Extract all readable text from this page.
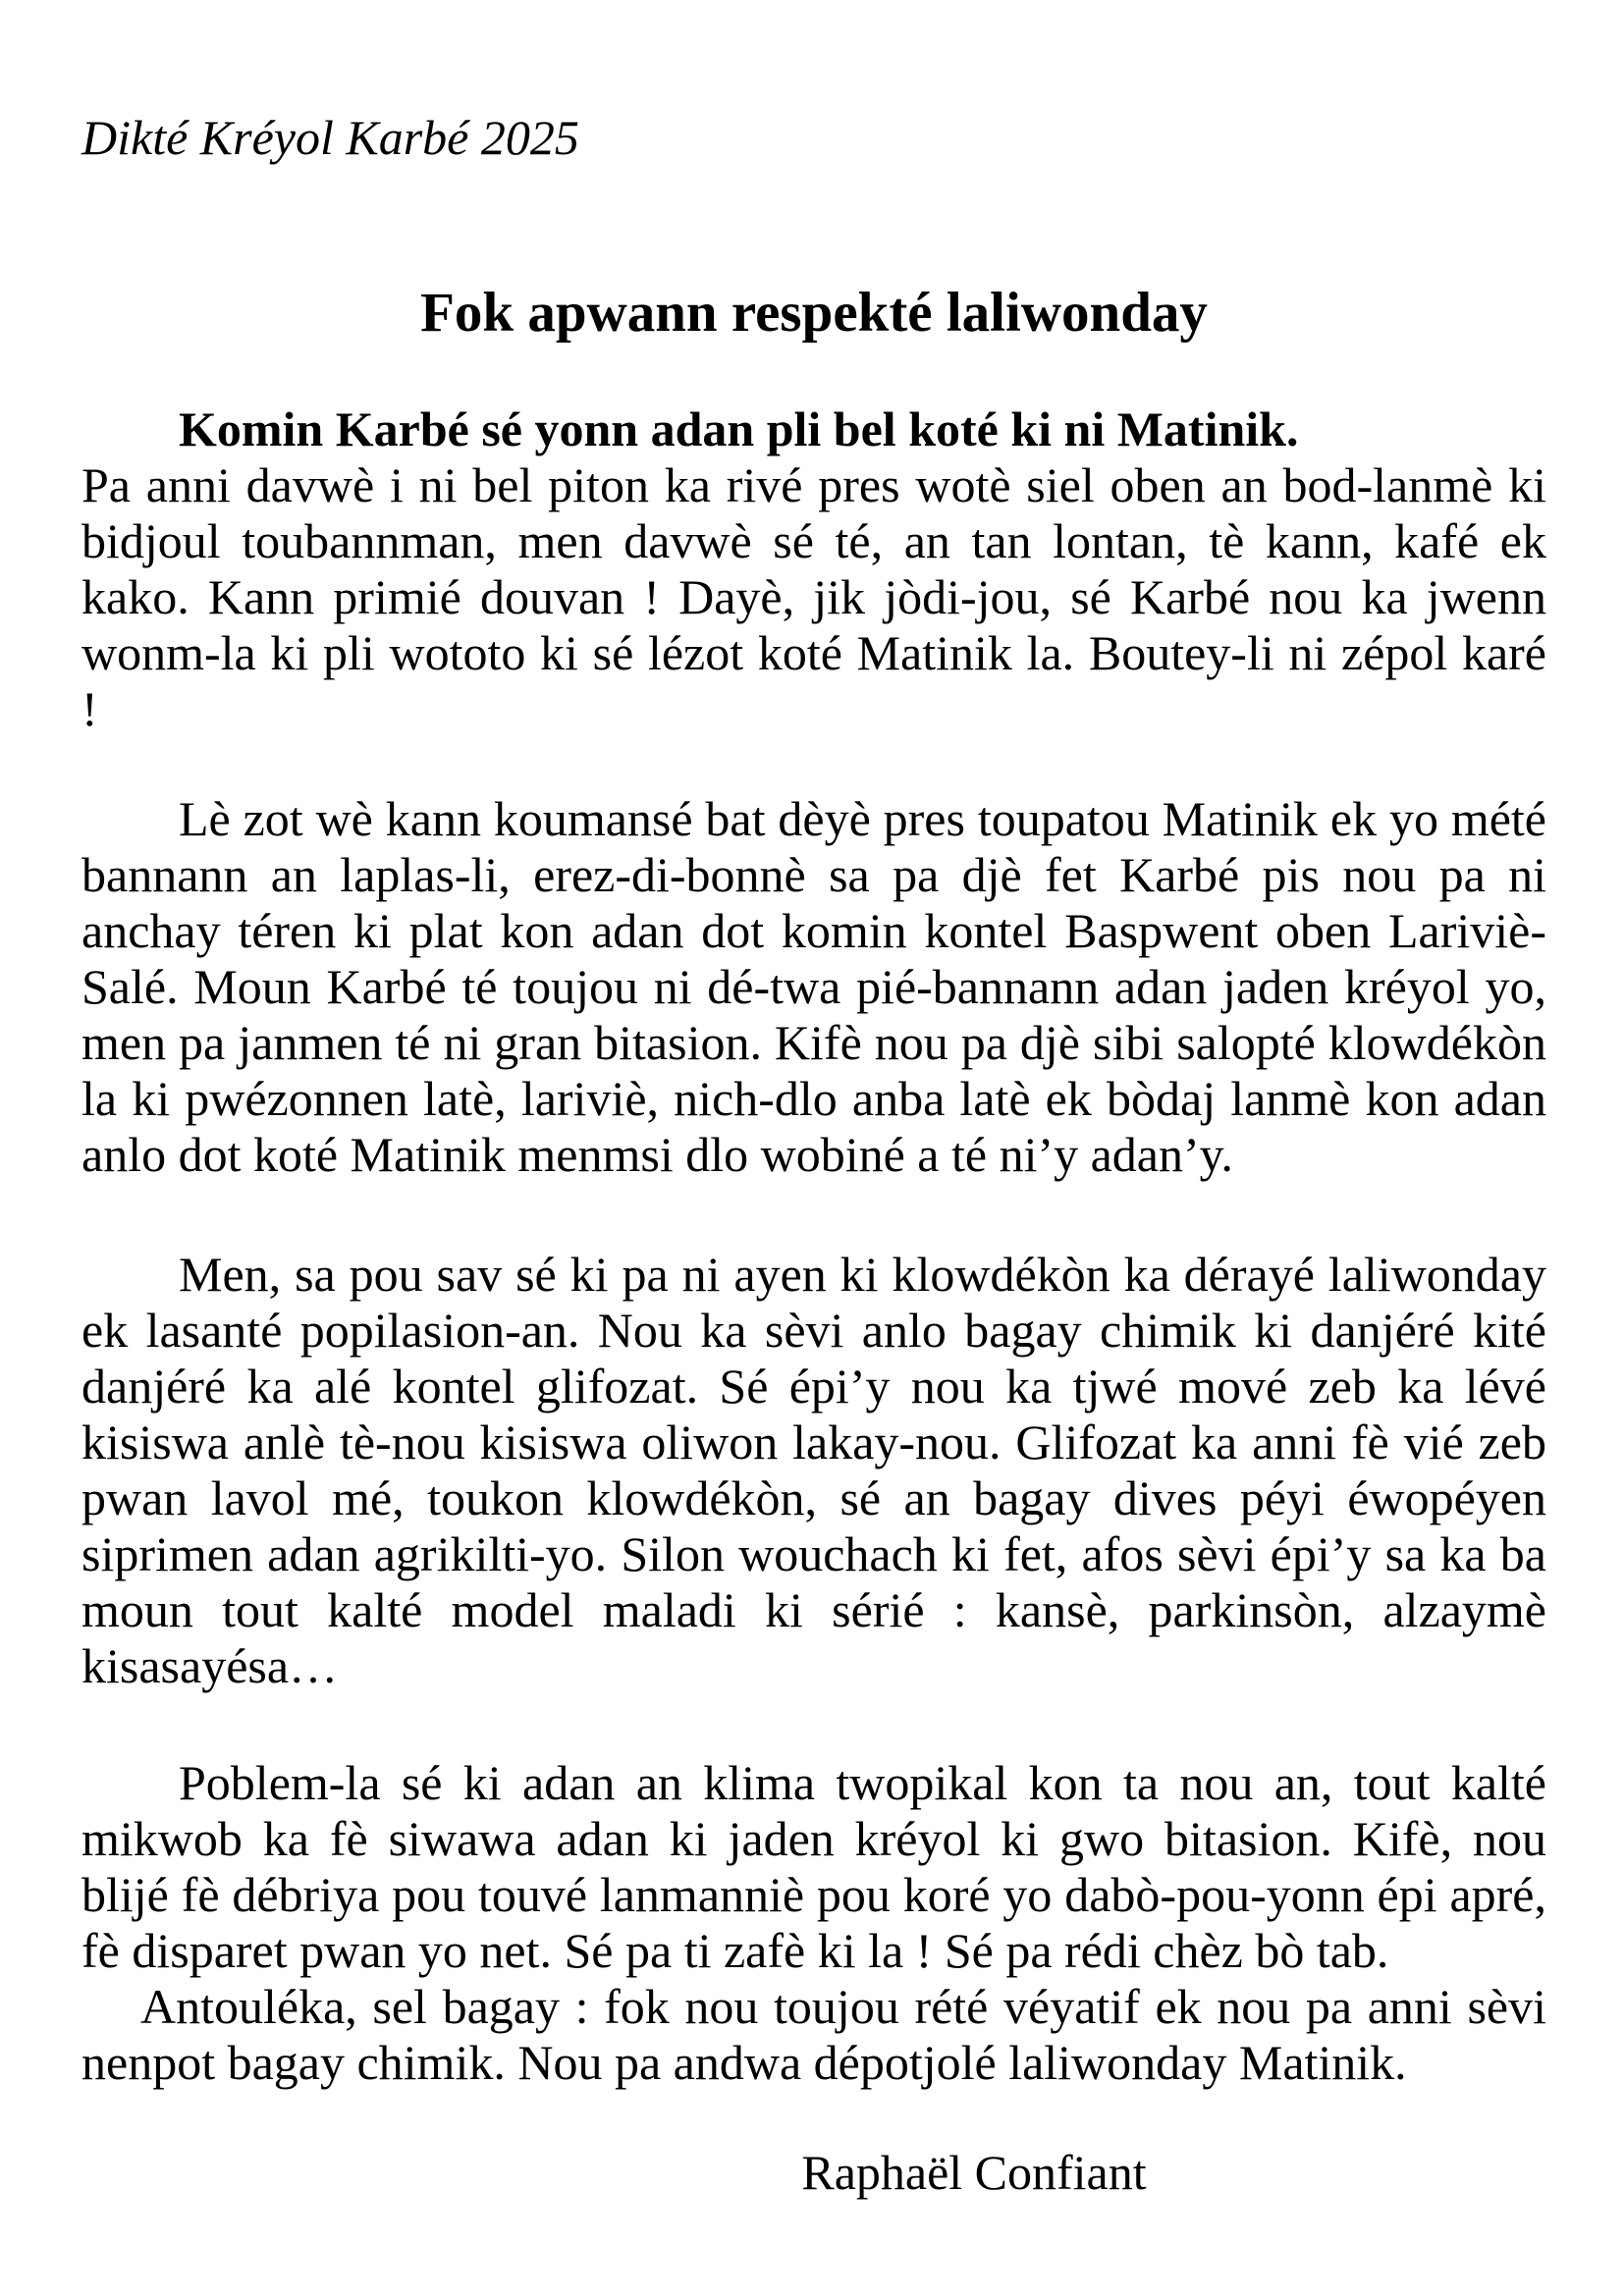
Dikté Kréyol Karbé 2025
Fok apwann respekté laliwonday
Komin Karbé sé yonn adan pli bel koté ki ni Matinik.
Pa anni davwè i ni bel piton ka rivé pres wotè siel oben an bod-lanmè ki bidjoul toubannman, men davwè sé té, an tan lontan, tè kann, kafé ek kako. Kann primié douvan ! Dayè, jik jòdi-jou, sé Karbé nou ka jwenn wonm-la ki pli wototo ki sé lézot koté Matinik la. Boutey-li ni zépol karé !
Lè zot wè kann koumansé bat dèyè pres toupatou Matinik ek yo mété bannann an laplas-li, erez-di-bonnè sa pa djè fet Karbé pis nou pa ni anchay téren ki plat kon adan dot komin kontel Baspwent oben Lariviè-Salé. Moun Karbé té toujou ni dé-twa pié-bannann adan jaden kréyol yo, men pa janmen té ni gran bitasion. Kifè nou pa djè sibi salopté klowdékòn la ki pwézonnen latè, lariviè, nich-dlo anba latè ek bòdaj lanmè kon adan anlo dot koté Matinik menmsi dlo wobiné a té ni’y adan’y.
Men, sa pou sav sé ki pa ni ayen ki klowdékòn ka dérayé laliwonday ek lasanté popilasion-an. Nou ka sèvi anlo bagay chimik ki danjéré kité danjéré ka alé kontel glifozat. Sé épi’y nou ka tjwé mové zeb ka lévé kisiswa anlè tè-nou kisiswa oliwon lakay-nou. Glifozat ka anni fè vié zeb pwan lavol mé, toukon klowdékòn, sé an bagay dives péyi éwopéyen siprimen adan agrikilti-yo. Silon wouchach ki fet, afos sèvi épi’y sa ka ba moun tout kalté model maladi ki sérié : kansè, parkinsòn, alzaymè kisasayésa…
Poblem-la sé ki adan an klima twopikal kon ta nou an, tout kalté mikwob ka fè siwawa adan ki jaden kréyol ki gwo bitasion. Kifè, nou blijé fè débriya pou touvé lanmanniè pou koré yo dabò-pou-yonn épi apré, fè disparet pwan yo net. Sé pa ti zafè ki la ! Sé pa rédi chèz bò tab.
Antouléka, sel bagay : fok nou toujou rété véyatif ek nou pa anni sèvi nenpot bagay chimik. Nou pa andwa dépotjolé laliwonday Matinik.
Raphaël Confiant
